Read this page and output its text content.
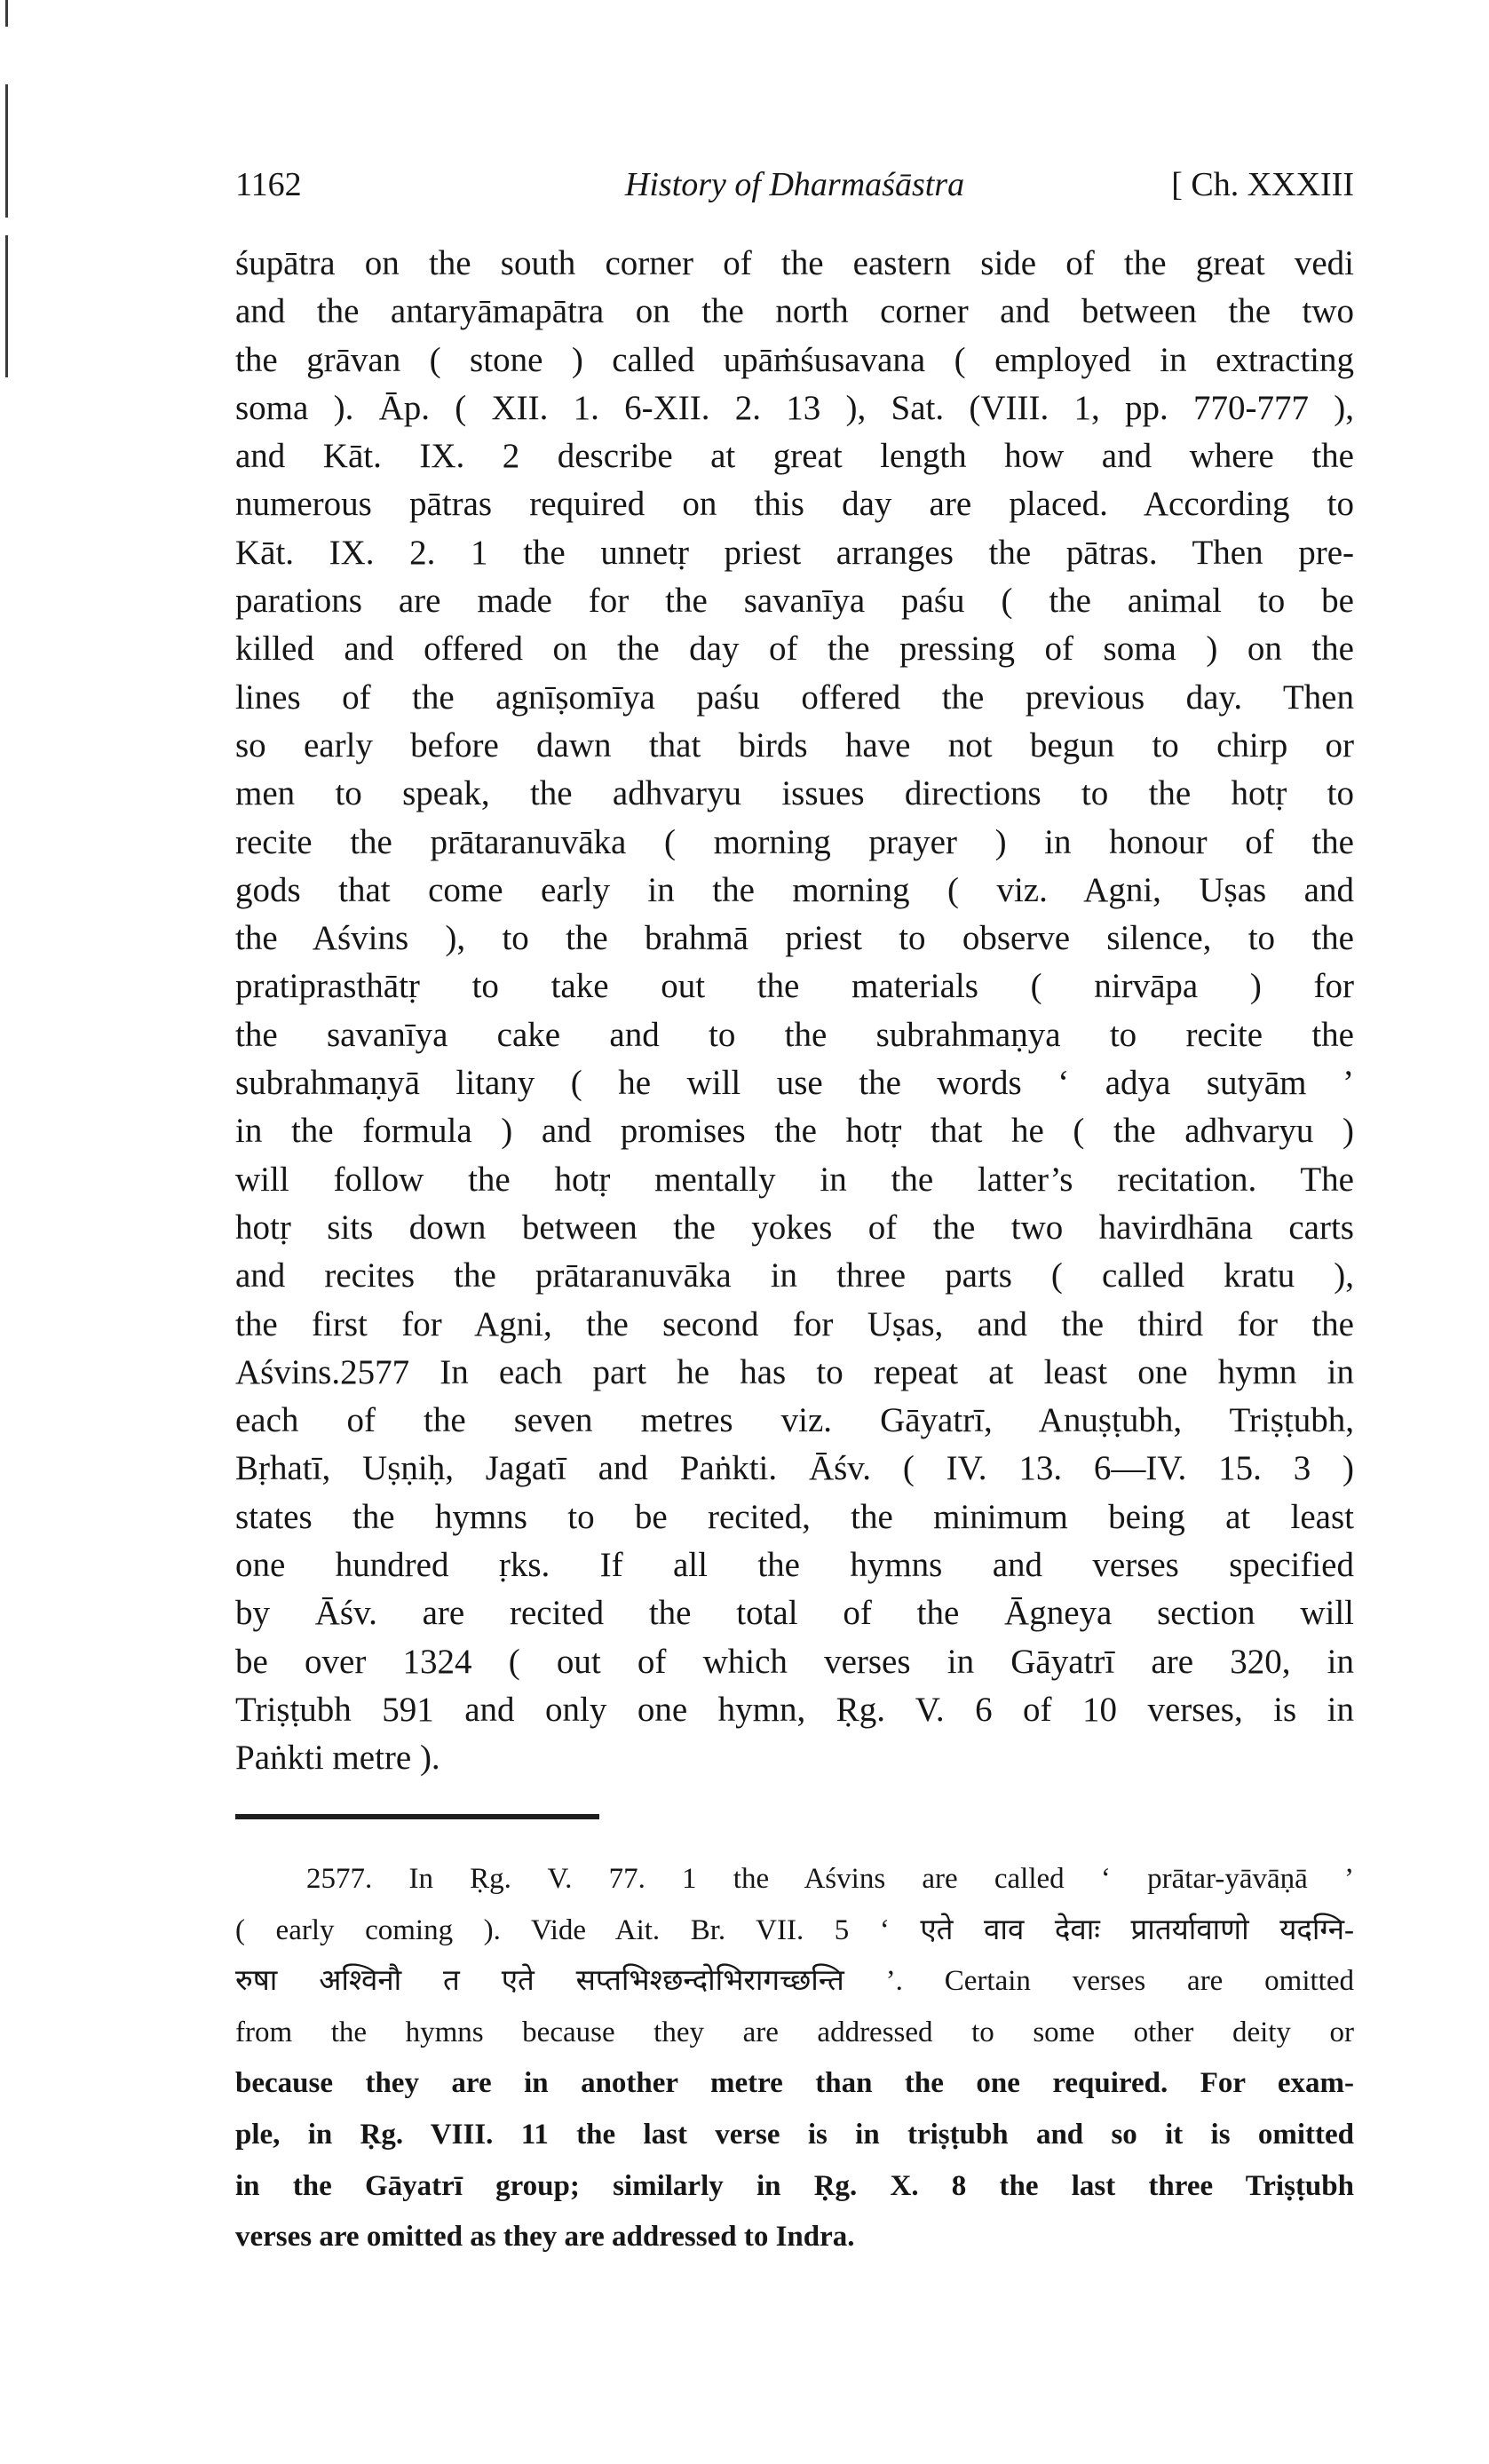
1162	History of Dharmaśāstra	[ Ch. XXXIII
śupātra on the south corner of the eastern side of the great vedi
and the antaryāmapātra on the north corner and between the two
the grāvan ( stone ) called upāṁśusavana ( employed in extracting
soma ). Āp. ( XII. 1. 6-XII. 2. 13 ), Sat. (VIII. 1, pp. 770-777 ),
and Kāt. IX. 2 describe at great length how and where the
numerous pātras required on this day are placed. According to
Kāt. IX. 2. 1 the unnetṛ priest arranges the pātras. Then pre-
parations are made for the savanīya paśu ( the animal to be
killed and offered on the day of the pressing of soma ) on the
lines of the agnīṣomīya paśu offered the previous day. Then
so early before dawn that birds have not begun to chirp or
men to speak, the adhvaryu issues directions to the hotṛ to
recite the prātaranuvāka ( morning prayer ) in honour of the
gods that come early in the morning ( viz. Agni, Uṣas and
the Aśvins ), to the brahmā priest to observe silence, to the
pratiprasthātṛ to take out the materials ( nirvāpa ) for
the savanīya cake and to the subrahmaṇya to recite the
subrahmaṇyā litany ( he will use the words ‘ adya sutyām ’
in the formula ) and promises the hotṛ that he ( the adhvaryu )
will follow the hotṛ mentally in the latter’s recitation. The
hotṛ sits down between the yokes of the two havirdhāna carts
and recites the prātaranuvāka in three parts ( called kratu ),
the first for Agni, the second for Uṣas, and the third for the
Aśvins.2577 In each part he has to repeat at least one hymn in
each of the seven metres viz. Gāyatrī, Anuṣṭubh, Triṣṭubh,
Bṛhatī, Uṣṇiḥ, Jagatī and Paṅkti. Āśv. ( IV. 13. 6—IV. 15. 3 )
states the hymns to be recited, the minimum being at least
one hundred ṛks. If all the hymns and verses specified
by Āśv. are recited the total of the Āgneya section will
be over 1324 ( out of which verses in Gāyatrī are 320, in
Triṣṭubh 591 and only one hymn, Ṛg. V. 6 of 10 verses, is in
Paṅkti metre ).
2577. In Ṛg. V. 77. 1 the Aśvins are called ‘ prātar-yāvāṇā ’
( early coming ). Vide Ait. Br. VII. 5 ‘ एते वाव देवाः प्रातर्यावाणो यदग्नि-
रुषा अश्विनौ त एते सप्तभिश्छन्दोभिरागच्छन्ति ’. Certain verses are omitted
from the hymns because they are addressed to some other deity or
because they are in another metre than the one required. For exam-
ple, in Ṛg. VIII. 11 the last verse is in triṣṭubh and so it is omitted
in the Gāyatrī group; similarly in Ṛg. X. 8 the last three Triṣṭubh
verses are omitted as they are addressed to Indra.
